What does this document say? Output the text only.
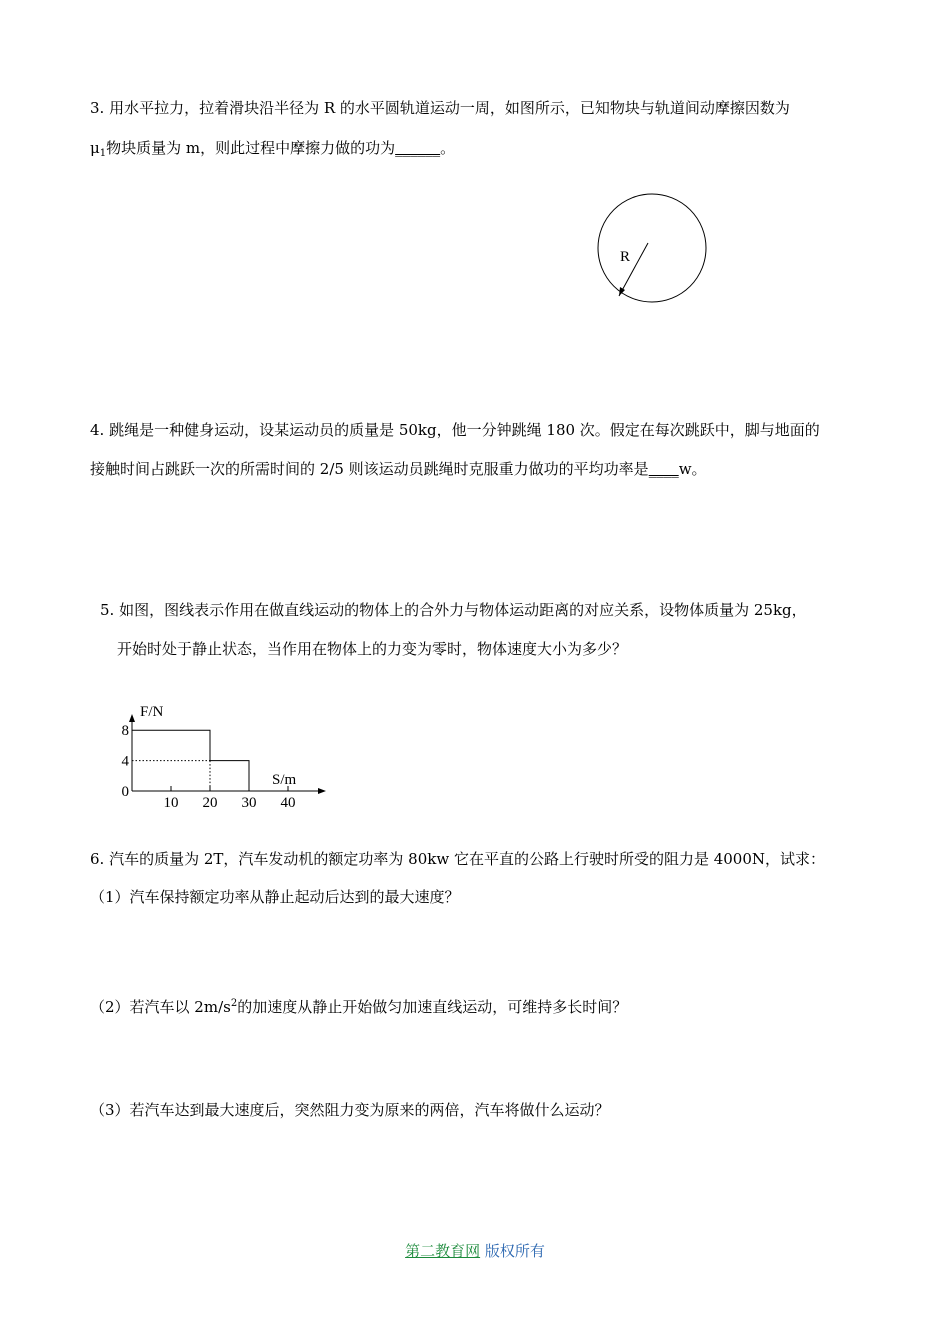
3. 用水平拉力，拉着滑块沿半径为 R 的水平圆轨道运动一周，如图所示，已知物块与轨道间动摩擦因数为
$\mu_1$物块质量为 m，则此过程中摩擦力做的功为______。
R
4. 跳绳是一种健身运动，设某运动员的质量是 50kg，他一分钟跳绳 180 次。假定在每次跳跃中，脚与地面的
接触时间占跳跃一次的所需时间的 2/5 则该运动员跳绳时克服重力做功的平均功率是____w。
5. 如图，图线表示作用在做直线运动的物体上的合外力与物体运动距离的对应关系，设物体质量为 25kg，
开始时处于静止状态，当作用在物体上的力变为零时，物体速度大小为多少？
F/N
S/m
10 20 30 40
0
4
8
6. 汽车的质量为 2T，汽车发动机的额定功率为 80kw 它在平直的公路上行驶时所受的阻力是 4000N，试求：
（1）汽车保持额定功率从静止起动后达到的最大速度？
（2）若汽车以 $2m/s^2$的加速度从静止开始做匀加速直线运动，可维持多长时间？
（3）若汽车达到最大速度后，突然阻力变为原来的两倍，汽车将做什么运动？
第二教育网 版权所有
